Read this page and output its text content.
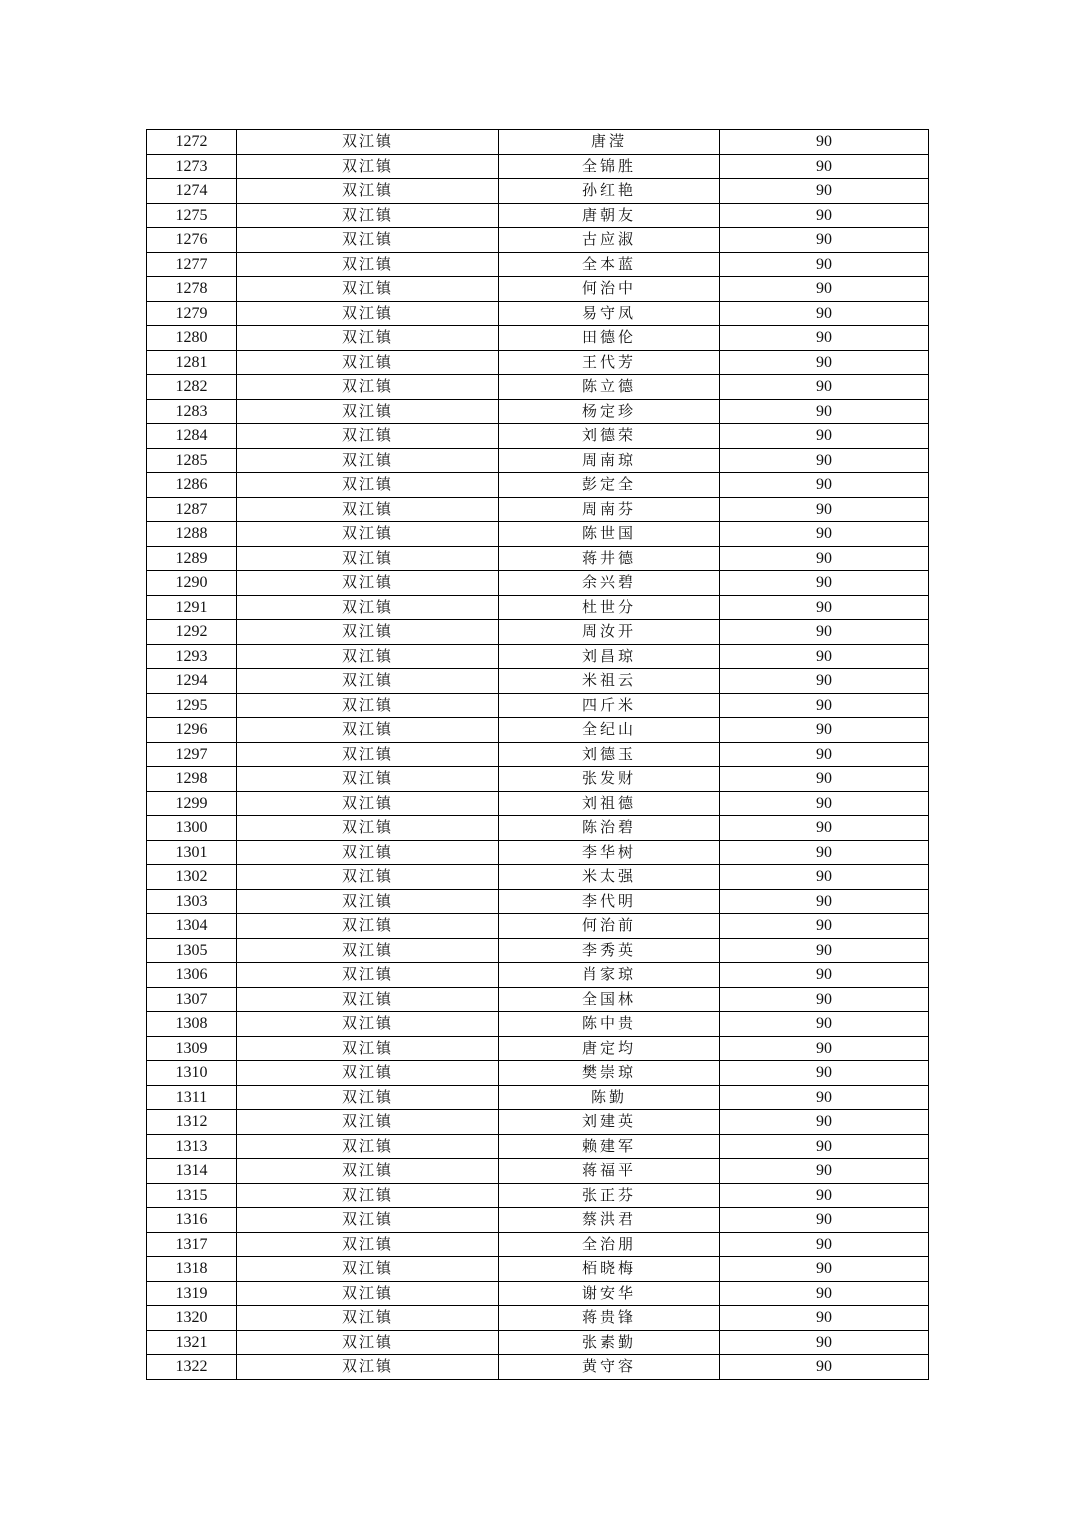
1272	双江镇	唐滢	90
1273	双江镇	全锦胜	90
1274	双江镇	孙红艳	90
1275	双江镇	唐朝友	90
1276	双江镇	古应淑	90
1277	双江镇	全本蓝	90
1278	双江镇	何治中	90
1279	双江镇	易守凤	90
1280	双江镇	田德伦	90
1281	双江镇	王代芳	90
1282	双江镇	陈立德	90
1283	双江镇	杨定珍	90
1284	双江镇	刘德荣	90
1285	双江镇	周南琼	90
1286	双江镇	彭定全	90
1287	双江镇	周南芬	90
1288	双江镇	陈世国	90
1289	双江镇	蒋井德	90
1290	双江镇	余兴碧	90
1291	双江镇	杜世分	90
1292	双江镇	周汝开	90
1293	双江镇	刘昌琼	90
1294	双江镇	米祖云	90
1295	双江镇	四斤米	90
1296	双江镇	全纪山	90
1297	双江镇	刘德玉	90
1298	双江镇	张发财	90
1299	双江镇	刘祖德	90
1300	双江镇	陈治碧	90
1301	双江镇	李华树	90
1302	双江镇	米太强	90
1303	双江镇	李代明	90
1304	双江镇	何治前	90
1305	双江镇	李秀英	90
1306	双江镇	肖家琼	90
1307	双江镇	全国林	90
1308	双江镇	陈中贵	90
1309	双江镇	唐定均	90
1310	双江镇	樊崇琼	90
1311	双江镇	陈勤	90
1312	双江镇	刘建英	90
1313	双江镇	赖建军	90
1314	双江镇	蒋福平	90
1315	双江镇	张正芬	90
1316	双江镇	蔡洪君	90
1317	双江镇	全治朋	90
1318	双江镇	栢晓梅	90
1319	双江镇	谢安华	90
1320	双江镇	蒋贵锋	90
1321	双江镇	张素勤	90
1322	双江镇	黄守容	90
